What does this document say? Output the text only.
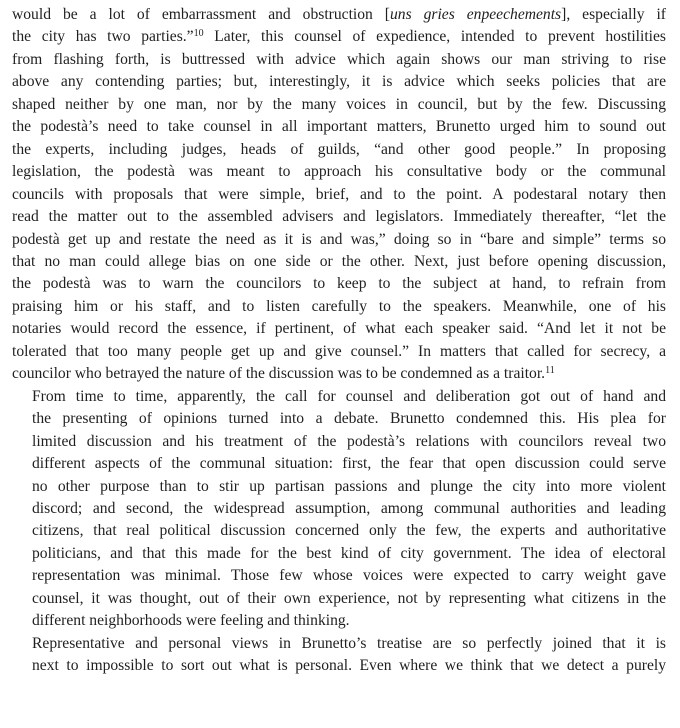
would be a lot of embarrassment and obstruction [uns gries enpeechements], especially if
the city has two parties.”$^{10}$ Later, this counsel of expedience, intended to prevent hostilities
from flashing forth, is buttressed with advice which again shows our man striving to rise
above any contending parties; but, interestingly, it is advice which seeks policies that are
shaped neither by one man, nor by the many voices in council, but by the few. Discussing
the podestà’s need to take counsel in all important matters, Brunetto urged him to sound out
the experts, including judges, heads of guilds, “and other good people.” In proposing
legislation, the podestà was meant to approach his consultative body or the communal
councils with proposals that were simple, brief, and to the point. A podestaral notary then
read the matter out to the assembled advisers and legislators. Immediately thereafter, “let the
podestà get up and restate the need as it is and was,” doing so in “bare and simple” terms so
that no man could allege bias on one side or the other. Next, just before opening discussion,
the podestà was to warn the councilors to keep to the subject at hand, to refrain from
praising him or his staff, and to listen carefully to the speakers. Meanwhile, one of his
notaries would record the essence, if pertinent, of what each speaker said. “And let it not be
tolerated that too many people get up and give counsel.” In matters that called for secrecy, a
councilor who betrayed the nature of the discussion was to be condemned as a traitor.$^{11}$
From time to time, apparently, the call for counsel and deliberation got out of hand and
the presenting of opinions turned into a debate. Brunetto condemned this. His plea for
limited discussion and his treatment of the podestà’s relations with councilors reveal two
different aspects of the communal situation: first, the fear that open discussion could serve
no other purpose than to stir up partisan passions and plunge the city into more violent
discord; and second, the widespread assumption, among communal authorities and leading
citizens, that real political discussion concerned only the few, the experts and authoritative
politicians, and that this made for the best kind of city government. The idea of electoral
representation was minimal. Those few whose voices were expected to carry weight gave
counsel, it was thought, out of their own experience, not by representing what citizens in the
different neighborhoods were feeling and thinking.
Representative and personal views in Brunetto’s treatise are so perfectly joined that it is
next to impossible to sort out what is personal. Even where we think that we detect a purely
